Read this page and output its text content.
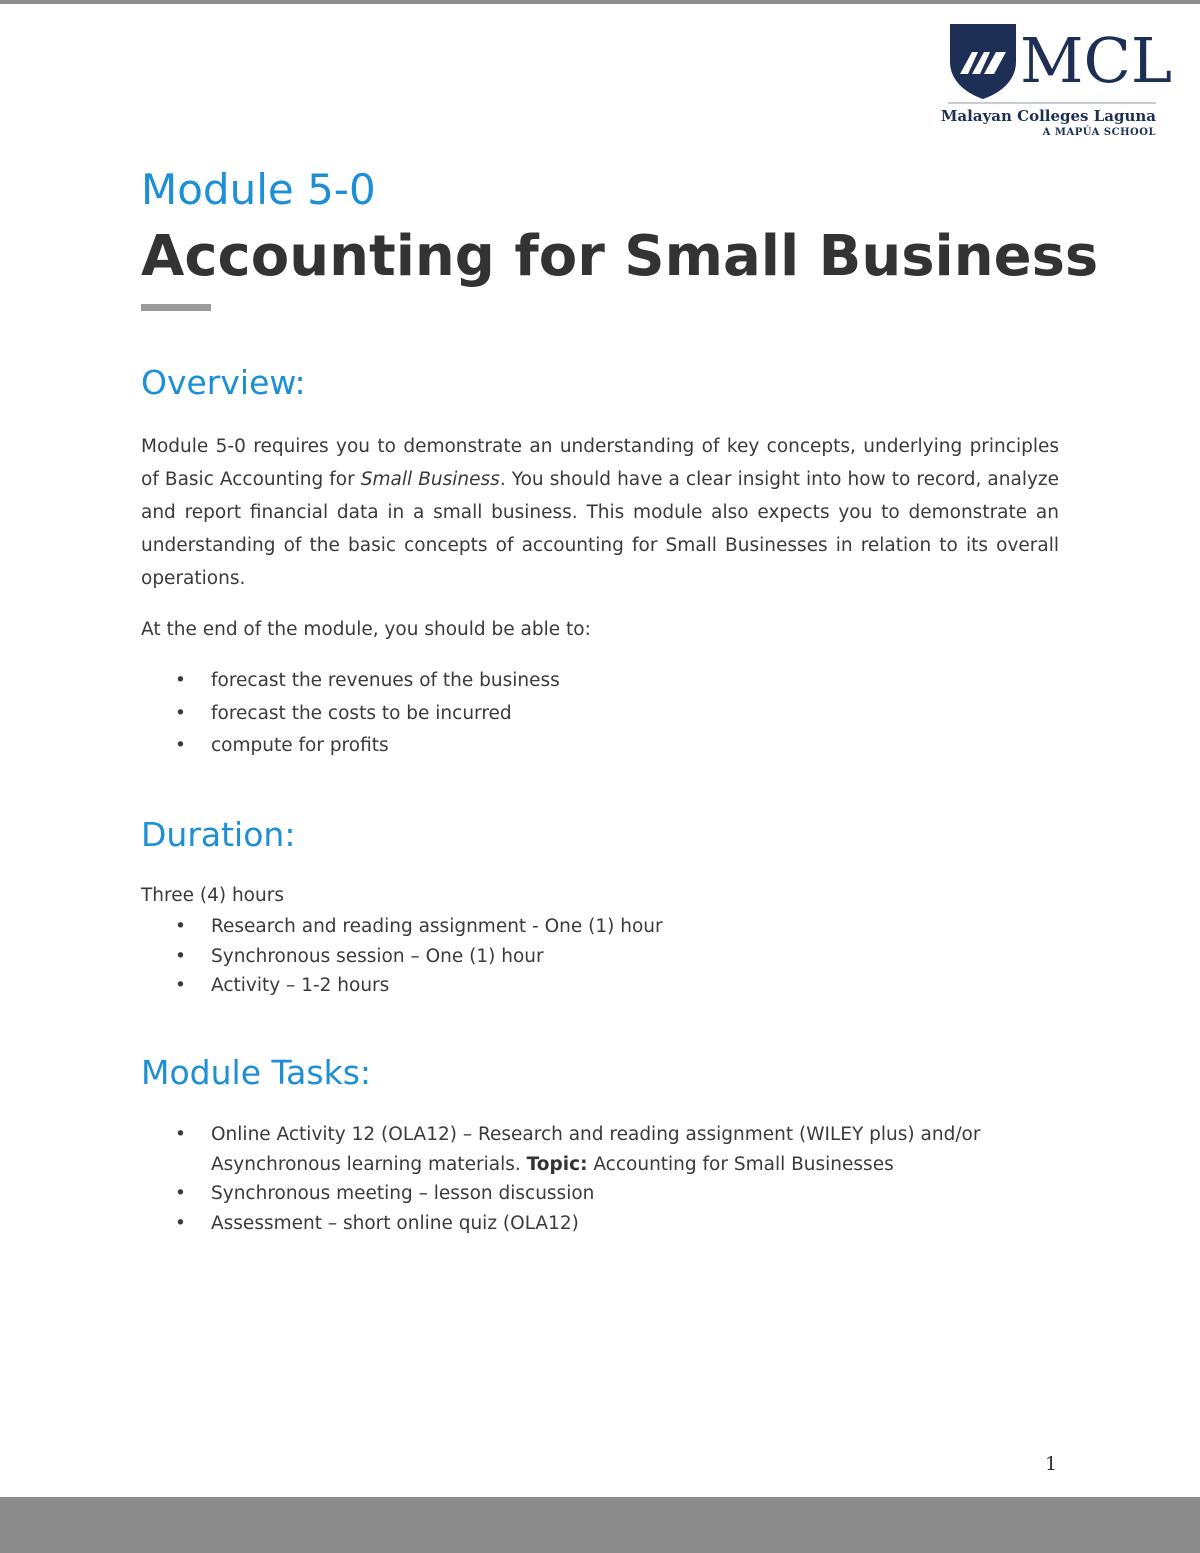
MCL
Malayan Colleges Laguna
A MAPÚA SCHOOL
Module 5-0
Accounting for Small Business
Overview:

Module 5-0 requires you to demonstrate an understanding of key concepts, underlying principles of Basic Accounting for Small Business. You should have a clear insight into how to record, analyze and report financial data in a small business. This module also expects you to demonstrate an understanding of the basic concepts of accounting for Small Businesses in relation to its overall operations.

At the end of the module, you should be able to:
• forecast the revenues of the business
• forecast the costs to be incurred
• compute for profits
Duration:
Three (4) hours
• Research and reading assignment - One (1) hour
• Synchronous session – One (1) hour
• Activity – 1-2 hours
Module Tasks:
• Online Activity 12 (OLA12) – Research and reading assignment (WILEY plus) and/or
Asynchronous learning materials. Topic: Accounting for Small Businesses
• Synchronous meeting – lesson discussion
• Assessment – short online quiz (OLA12)
1
